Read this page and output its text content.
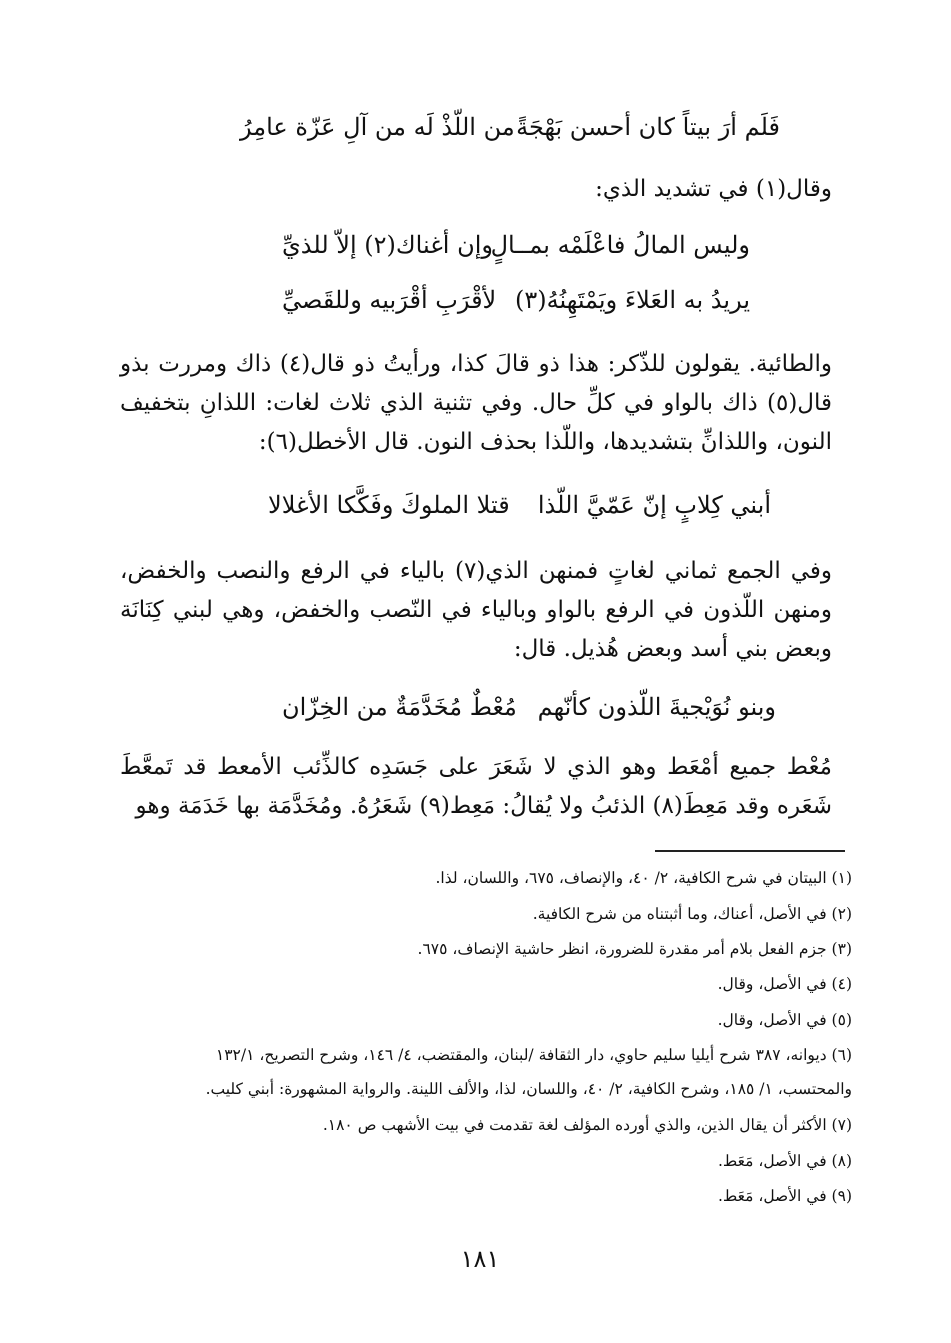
فَلَم أرَ بيتاً كان أحسن بَهْجَةً
من اللّذْ لَه من آلِ عَزّة عامِرُ
وقال(١) في تشديد الذي:
وليس المالُ فاعْلَمْه بمــالٍ
وإن أغناك(٢) إلاّ للذيِّ
يريدُ به العَلاءَ ويَمْتَهِنُهُ(٣)
لأقْرَبِ أقْرَبيه وللقَصيِّ
والطائية. يقولون للذّكر: هذا ذو قالَ كذا، ورأيتُ ذو قال(٤) ذاك ومررت بذو قال(٥) ذاك بالواو في كلِّ حال. وفي تثنية الذي ثلاث لغات: اللذانِ بتخفيف النون، واللذانِّ بتشديدها، واللّذا بحذف النون. قال الأخطل(٦):
أبني كِلابٍ إنّ عَمّيَّ اللّذا
قتلا الملوكَ وفَكَّكا الأغلالا
وفي الجمع ثماني لغاتٍ فمنهن الذي(٧) بالياء في الرفع والنصب والخفض، ومنهن اللّذون في الرفع بالواو وبالياء في النّصب والخفض، وهي لبني كِنَانَة وبعض بني أسد وبعض هُذيل. قال:
وبنو نُوَيْجيةَ اللّذون كأنّهم
مُعْطٌ مُخَدَّمَةٌ من الخِزّان
مُعْط جميع أمْعَط وهو الذي لا شَعَرَ على جَسَدِه كالذِّئب الأمعط قد تَمعَّطَ شَعَره وقد مَعِطَ(٨) الذئبُ ولا يُقالُ: مَعِط(٩) شَعَرُهُ. ومُخَدَّمَة بها خَدَمَة وهو
(١) البيتان في شرح الكافية، ٢/ ٤٠، والإنصاف، ٦٧٥، واللسان، لذا.
(٢) في الأصل، أعناك، وما أثبتناه من شرح الكافية.
(٣) جزم الفعل بلام أمر مقدرة للضرورة، انظر حاشية الإنصاف، ٦٧٥.
(٤) في الأصل، وقال.
(٥) في الأصل، وقال.
(٦) ديوانه، ٣٨٧ شرح أيليا سليم حاوي، دار الثقافة /لبنان، والمقتضب، ٤/ ١٤٦، وشرح التصريح، ١٣٢/١
والمحتسب، ١/ ١٨٥، وشرح الكافية، ٢/ ٤٠، واللسان، لذا، والألف اللينة. والرواية المشهورة: أبني كليب.
(٧) الأكثر أن يقال الذين، والذي أورده المؤلف لغة تقدمت في بيت الأشهب ص ١٨٠.
(٨) في الأصل، مَعَط.
(٩) في الأصل، مَعَط.
١٨١
